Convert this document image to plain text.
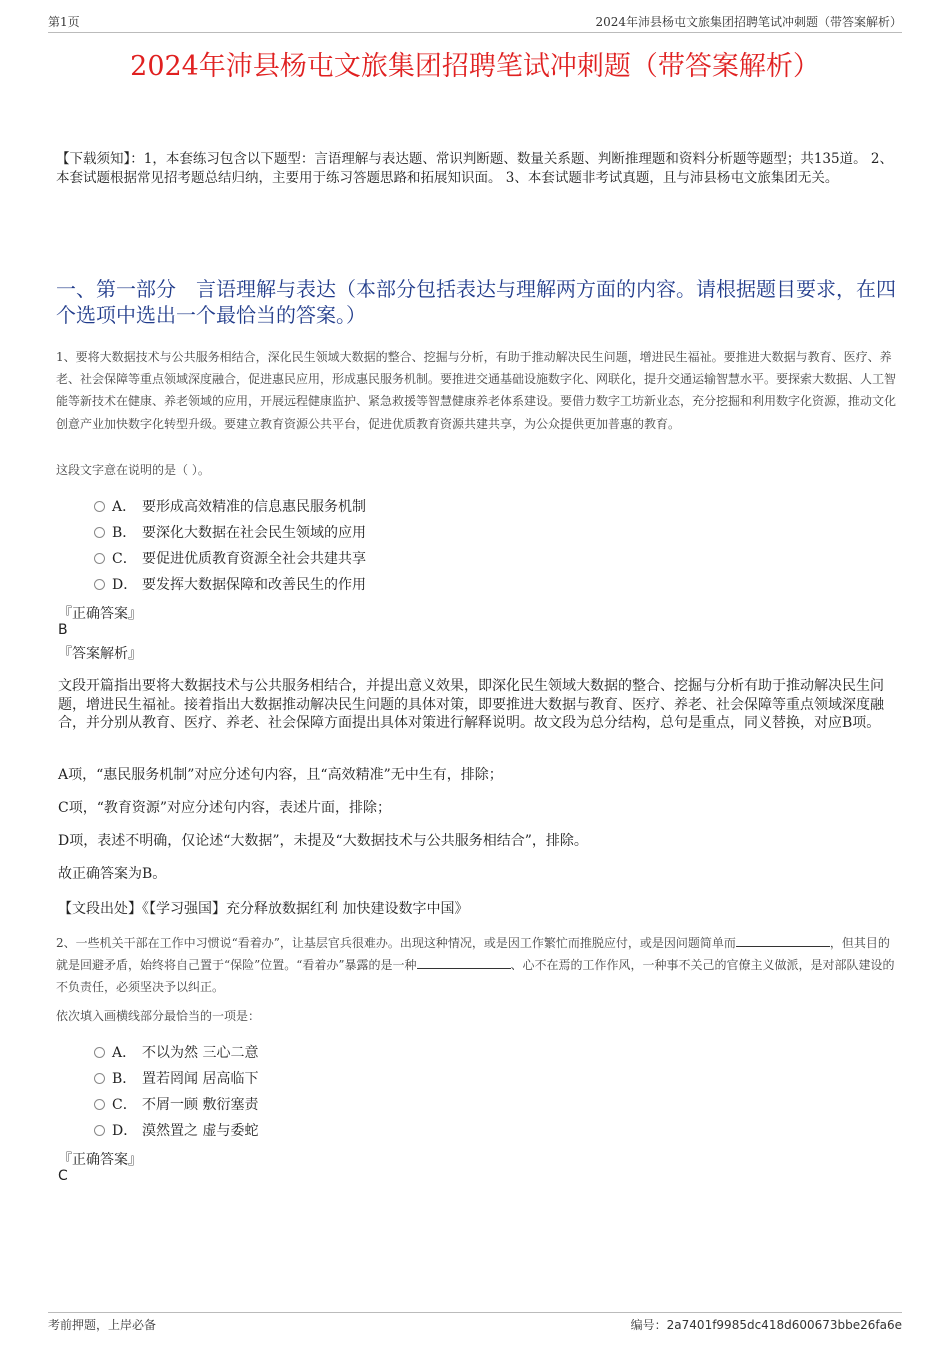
第1页	2024年沛县杨屯文旅集团招聘笔试冲刺题（带答案解析）
2024年沛县杨屯文旅集团招聘笔试冲刺题（带答案解析）
【下载须知】：1，本套练习包含以下题型：言语理解与表达题、常识判断题、数量关系题、判断推理题和资料分析题等题型；共135道。 2、本套试题根据常见招考题总结归纳，主要用于练习答题思路和拓展知识面。 3、本套试题非考试真题，且与沛县杨屯文旅集团无关。
一、第一部分　言语理解与表达（本部分包括表达与理解两方面的内容。请根据题目要求，在四个选项中选出一个最恰当的答案。）
1、要将大数据技术与公共服务相结合，深化民生领域大数据的整合、挖掘与分析，有助于推动解决民生问题，增进民生福祉。要推进大数据与教育、医疗、养老、社会保障等重点领域深度融合，促进惠民应用，形成惠民服务机制。要推进交通基础设施数字化、网联化，提升交通运输智慧水平。要探索大数据、人工智能等新技术在健康、养老领域的应用，开展远程健康监护、紧急救援等智慧健康养老体系建设。要借力数字工坊新业态，充分挖掘和利用数字化资源，推动文化创意产业加快数字化转型升级。要建立教育资源公共平台，促进优质教育资源共建共享，为公众提供更加普惠的教育。
这段文字意在说明的是（ ）。
A． 要形成高效精准的信息惠民服务机制
B． 要深化大数据在社会民生领域的应用
C． 要促进优质教育资源全社会共建共享
D． 要发挥大数据保障和改善民生的作用
『正确答案』
B
『答案解析』
文段开篇指出要将大数据技术与公共服务相结合，并提出意义效果，即深化民生领域大数据的整合、挖掘与分析有助于推动解决民生问题，增进民生福祉。接着指出大数据推动解决民生问题的具体对策，即要推进大数据与教育、医疗、养老、社会保障等重点领域深度融合，并分别从教育、医疗、养老、社会保障方面提出具体对策进行解释说明。故文段为总分结构，总句是重点，同义替换，对应B项。
A项，“惠民服务机制”对应分述句内容，且“高效精准”无中生有，排除；
C项，“教育资源”对应分述句内容，表述片面，排除；
D项，表述不明确，仅论述“大数据”，未提及“大数据技术与公共服务相结合”，排除。
故正确答案为B。
【文段出处】《【学习强国】充分释放数据红利 加快建设数字中国》
2、一些机关干部在工作中习惯说“看着办”，让基层官兵很难办。出现这种情况，或是因工作繁忙而推脱应付，或是因问题简单而	，但其目的就是回避矛盾，始终将自己置于“保险”位置。“看着办”暴露的是一种	、心不在焉的工作作风，一种事不关己的官僚主义做派，是对部队建设的不负责任，必须坚决予以纠正。
依次填入画横线部分最恰当的一项是：
A． 不以为然 三心二意
B． 置若罔闻 居高临下
C． 不屑一顾 敷衍塞责
D． 漠然置之 虚与委蛇
『正确答案』
C
考前押题，上岸必备	编号：2a7401f9985dc418d600673bbe26fa6e
